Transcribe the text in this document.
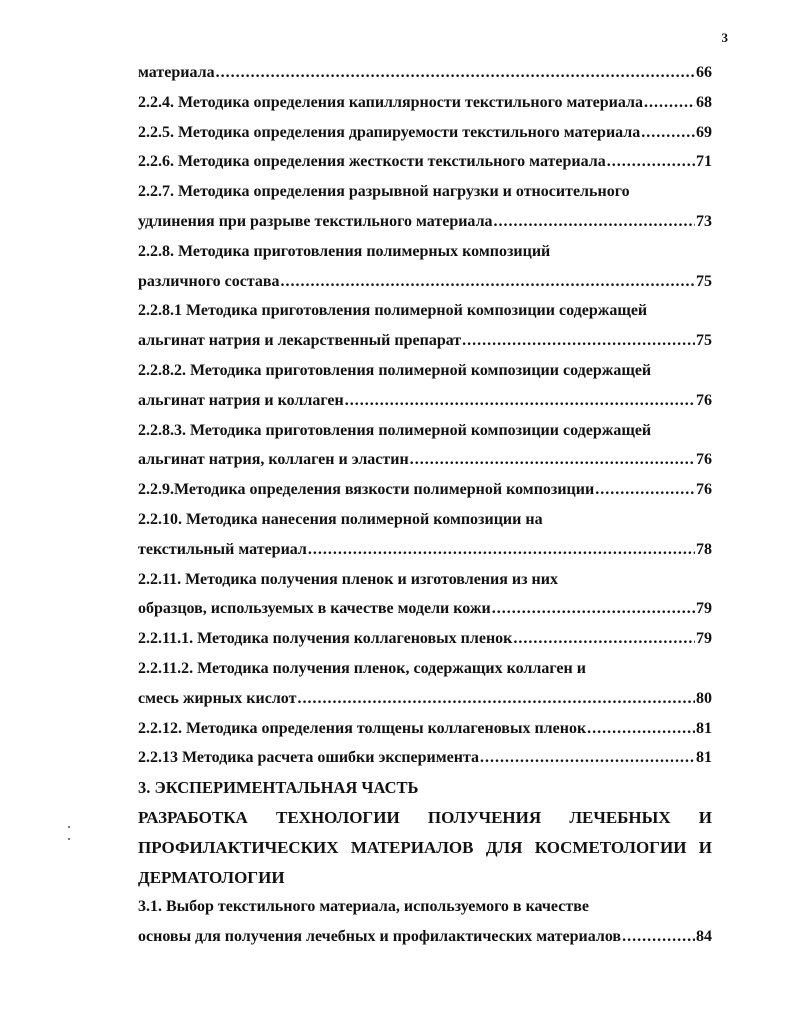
3
материала .....	66
2.2.4. Методика определения капиллярности текстильного материала .....	68
2.2.5. Методика определения драпируемости текстильного материала .....	69
2.2.6. Методика определения жесткости текстильного материала .....	71
2.2.7. Методика определения разрывной нагрузки и относительного
удлинения при разрыве текстильного материала .....	73
2.2.8. Методика приготовления полимерных композиций
различного состава .....	75
2.2.8.1 Методика приготовления полимерной композиции содержащей
альгинат натрия и лекарственный препарат .....	75
2.2.8.2. Методика приготовления полимерной композиции содержащей
альгинат натрия и коллаген .....	76
2.2.8.3. Методика приготовления полимерной композиции содержащей
альгинат натрия, коллаген и эластин .....	76
2.2.9.Методика определения вязкости полимерной композиции .....	76
2.2.10. Методика нанесения полимерной композиции на
текстильный материал .....	78
2.2.11. Методика получения пленок и изготовления из них
образцов, используемых в качестве модели кожи .....	79
2.2.11.1. Методика получения коллагеновых пленок .....	79
2.2.11.2. Методика получения пленок, содержащих коллаген и
смесь жирных кислот .....	80
2.2.12. Методика определения толщены коллагеновых пленок .....	81
2.2.13 Методика расчета ошибки эксперимента .....	81
3. ЭКСПЕРИМЕНТАЛЬНАЯ ЧАСТЬ
РАЗРАБОТКА ТЕХНОЛОГИИ ПОЛУЧЕНИЯ ЛЕЧЕБНЫХ И
ПРОФИЛАКТИЧЕСКИХ МАТЕРИАЛОВ ДЛЯ КОСМЕТОЛОГИИ И
ДЕРМАТОЛОГИИ
3.1. Выбор текстильного материала, используемого в качестве
основы для получения лечебных и профилактических материалов .....	84
